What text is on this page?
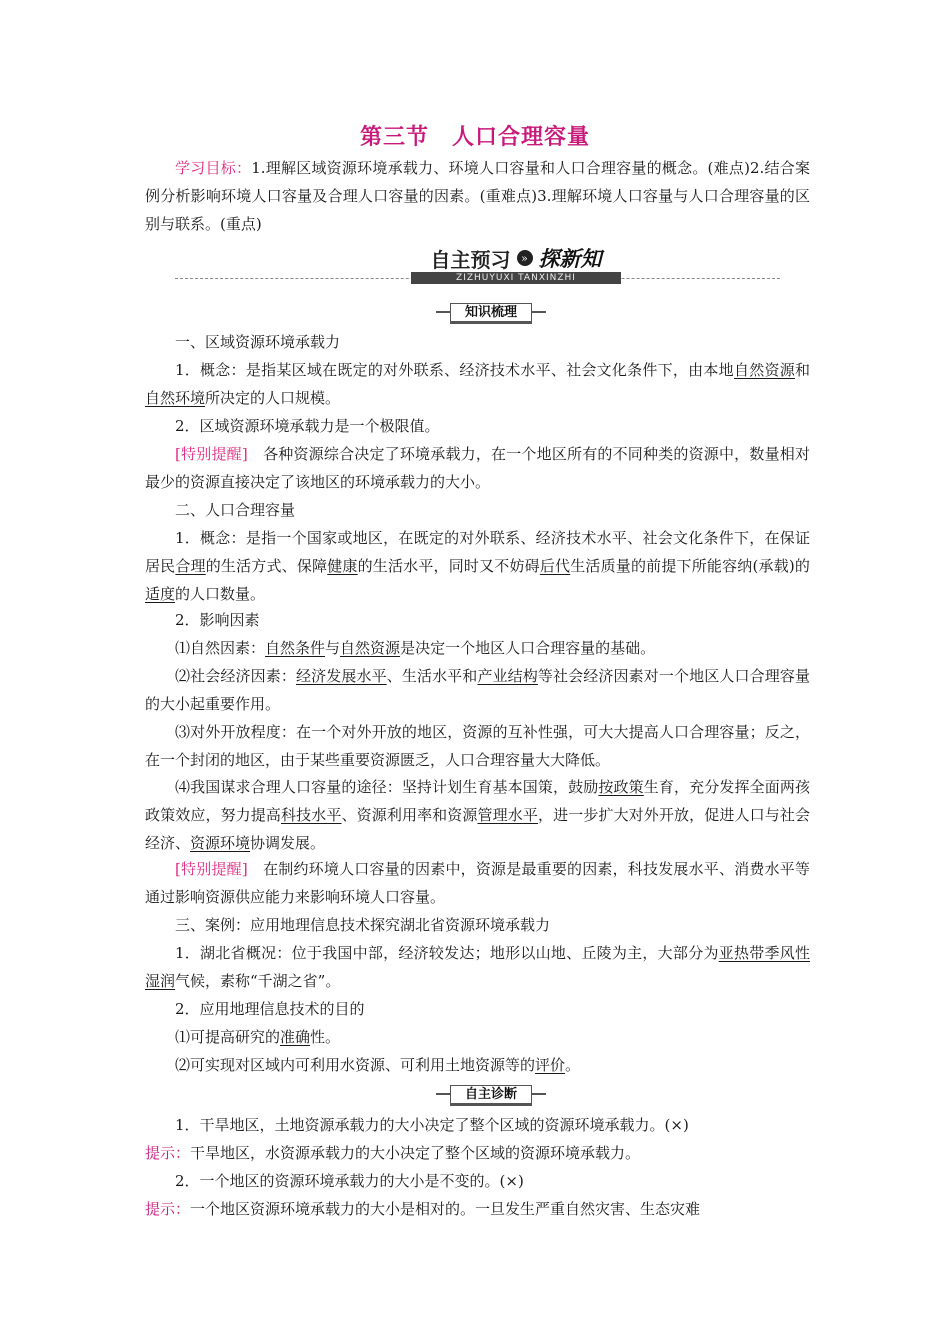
第三节　人口合理容量
学习目标：1.理解区域资源环境承载力、环境人口容量和人口合理容量的概念。(难点)2.结合案例分析影响环境人口容量及合理人口容量的因素。(重难点)3.理解环境人口容量与人口合理容量的区别与联系。(重点)
自主预习 » 探新知
ZIZHUYUXI TANXINZHI
知识梳理
一、区域资源环境承载力
1．概念：是指某区域在既定的对外联系、经济技术水平、社会文化条件下，由本地自然资源和自然环境所决定的人口规模。
2．区域资源环境承载力是一个极限值。
[特别提醒]　 各种资源综合决定了环境承载力，在一个地区所有的不同种类的资源中，数量相对最少的资源直接决定了该地区的环境承载力的大小。
二、人口合理容量
1．概念：是指一个国家或地区，在既定的对外联系、经济技术水平、社会文化条件下，在保证居民合理的生活方式、保障健康的生活水平，同时又不妨碍后代生活质量的前提下所能容纳(承载)的适度的人口数量。
2．影响因素
⑴自然因素：自然条件与自然资源是决定一个地区人口合理容量的基础。
⑵社会经济因素：经济发展水平、生活水平和产业结构等社会经济因素对一个地区人口合理容量的大小起重要作用。
⑶对外开放程度：在一个对外开放的地区，资源的互补性强，可大大提高人口合理容量；反之，在一个封闭的地区，由于某些重要资源匮乏，人口合理容量大大降低。
⑷我国谋求合理人口容量的途径：坚持计划生育基本国策，鼓励按政策生育，充分发挥全面两孩政策效应，努力提高科技水平、资源利用率和资源管理水平，进一步扩大对外开放，促进人口与社会经济、资源环境协调发展。
[特别提醒]　 在制约环境人口容量的因素中，资源是最重要的因素，科技发展水平、消费水平等通过影响资源供应能力来影响环境人口容量。
三、案例：应用地理信息技术探究湖北省资源环境承载力
1．湖北省概况：位于我国中部，经济较发达；地形以山地、丘陵为主，大部分为亚热带季风性湿润气候，素称“千湖之省”。
2．应用地理信息技术的目的
⑴可提高研究的准确性。
⑵可实现对区域内可利用水资源、可利用土地资源等的评价。
自主诊断
1．干旱地区，土地资源承载力的大小决定了整个区域的资源环境承载力。(×)
提示：干旱地区，水资源承载力的大小决定了整个区域的资源环境承载力。
2．一个地区的资源环境承载力的大小是不变的。(×)
提示：一个地区资源环境承载力的大小是相对的。一旦发生严重自然灾害、生态灾难
